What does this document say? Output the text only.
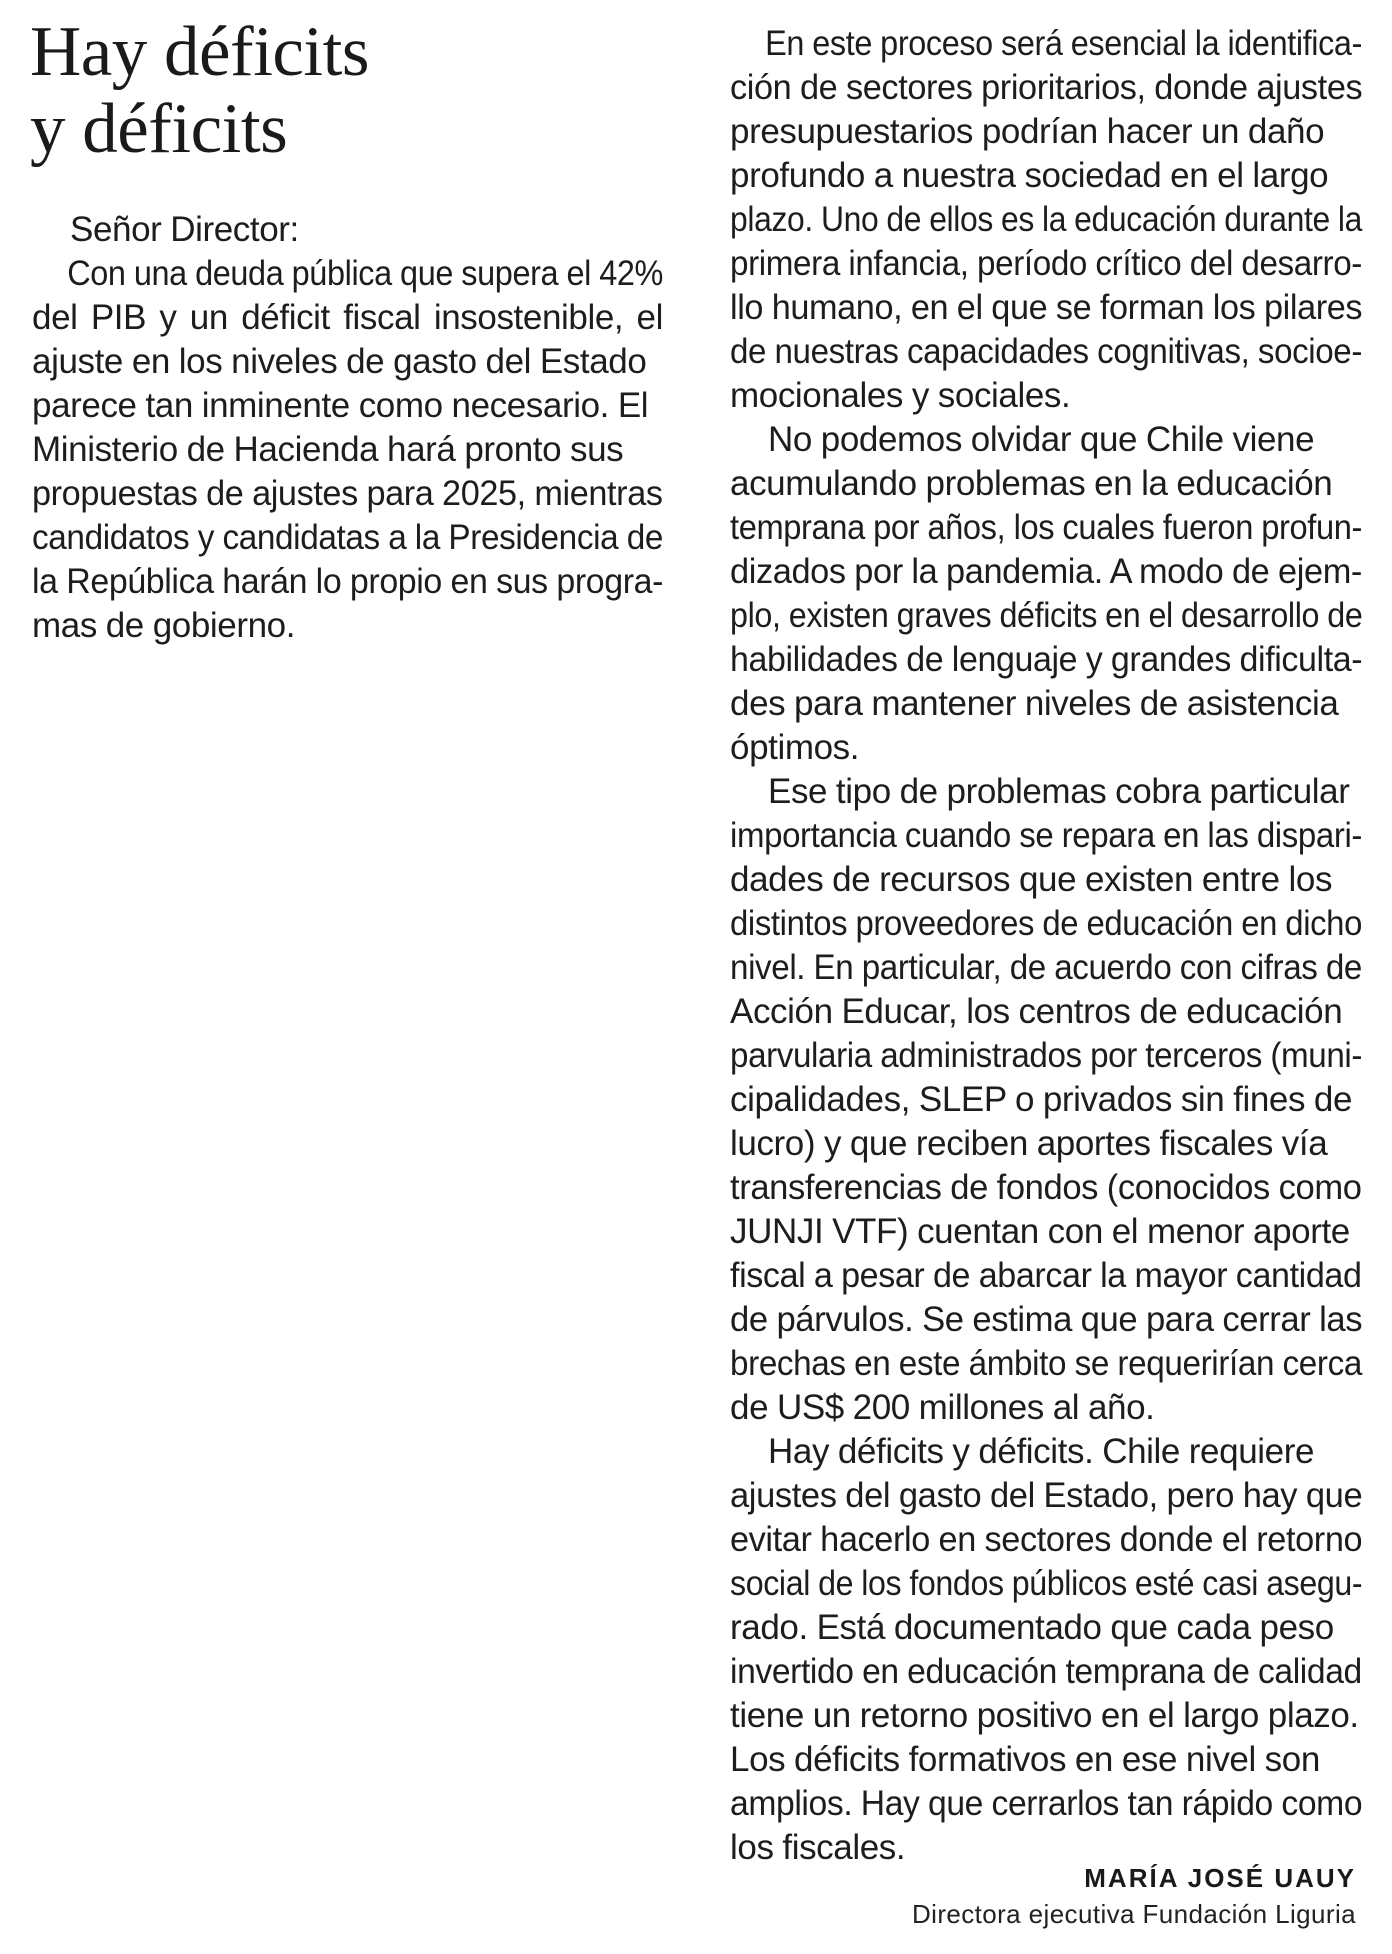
Hay déficits
y déficits
Señor Director:
Con una deuda pública que supera el 42%
del PIB y un déficit fiscal insostenible, el
ajuste en los niveles de gasto del Estado
parece tan inminente como necesario. El
Ministerio de Hacienda hará pronto sus
propuestas de ajustes para 2025, mientras
candidatos y candidatas a la Presidencia de
la República harán lo propio en sus progra-
mas de gobierno.
En este proceso será esencial la identifica-
ción de sectores prioritarios, donde ajustes
presupuestarios podrían hacer un daño
profundo a nuestra sociedad en el largo
plazo. Uno de ellos es la educación durante la
primera infancia, período crítico del desarro-
llo humano, en el que se forman los pilares
de nuestras capacidades cognitivas, socioe-
mocionales y sociales.
No podemos olvidar que Chile viene
acumulando problemas en la educación
temprana por años, los cuales fueron profun-
dizados por la pandemia. A modo de ejem-
plo, existen graves déficits en el desarrollo de
habilidades de lenguaje y grandes dificulta-
des para mantener niveles de asistencia
óptimos.
Ese tipo de problemas cobra particular
importancia cuando se repara en las dispari-
dades de recursos que existen entre los
distintos proveedores de educación en dicho
nivel. En particular, de acuerdo con cifras de
Acción Educar, los centros de educación
parvularia administrados por terceros (muni-
cipalidades, SLEP o privados sin fines de
lucro) y que reciben aportes fiscales vía
transferencias de fondos (conocidos como
JUNJI VTF) cuentan con el menor aporte
fiscal a pesar de abarcar la mayor cantidad
de párvulos. Se estima que para cerrar las
brechas en este ámbito se requerirían cerca
de US$ 200 millones al año.
Hay déficits y déficits. Chile requiere
ajustes del gasto del Estado, pero hay que
evitar hacerlo en sectores donde el retorno
social de los fondos públicos esté casi asegu-
rado. Está documentado que cada peso
invertido en educación temprana de calidad
tiene un retorno positivo en el largo plazo.
Los déficits formativos en ese nivel son
amplios. Hay que cerrarlos tan rápido como
los fiscales.
MARÍA JOSÉ UAUY
Directora ejecutiva Fundación Liguria
